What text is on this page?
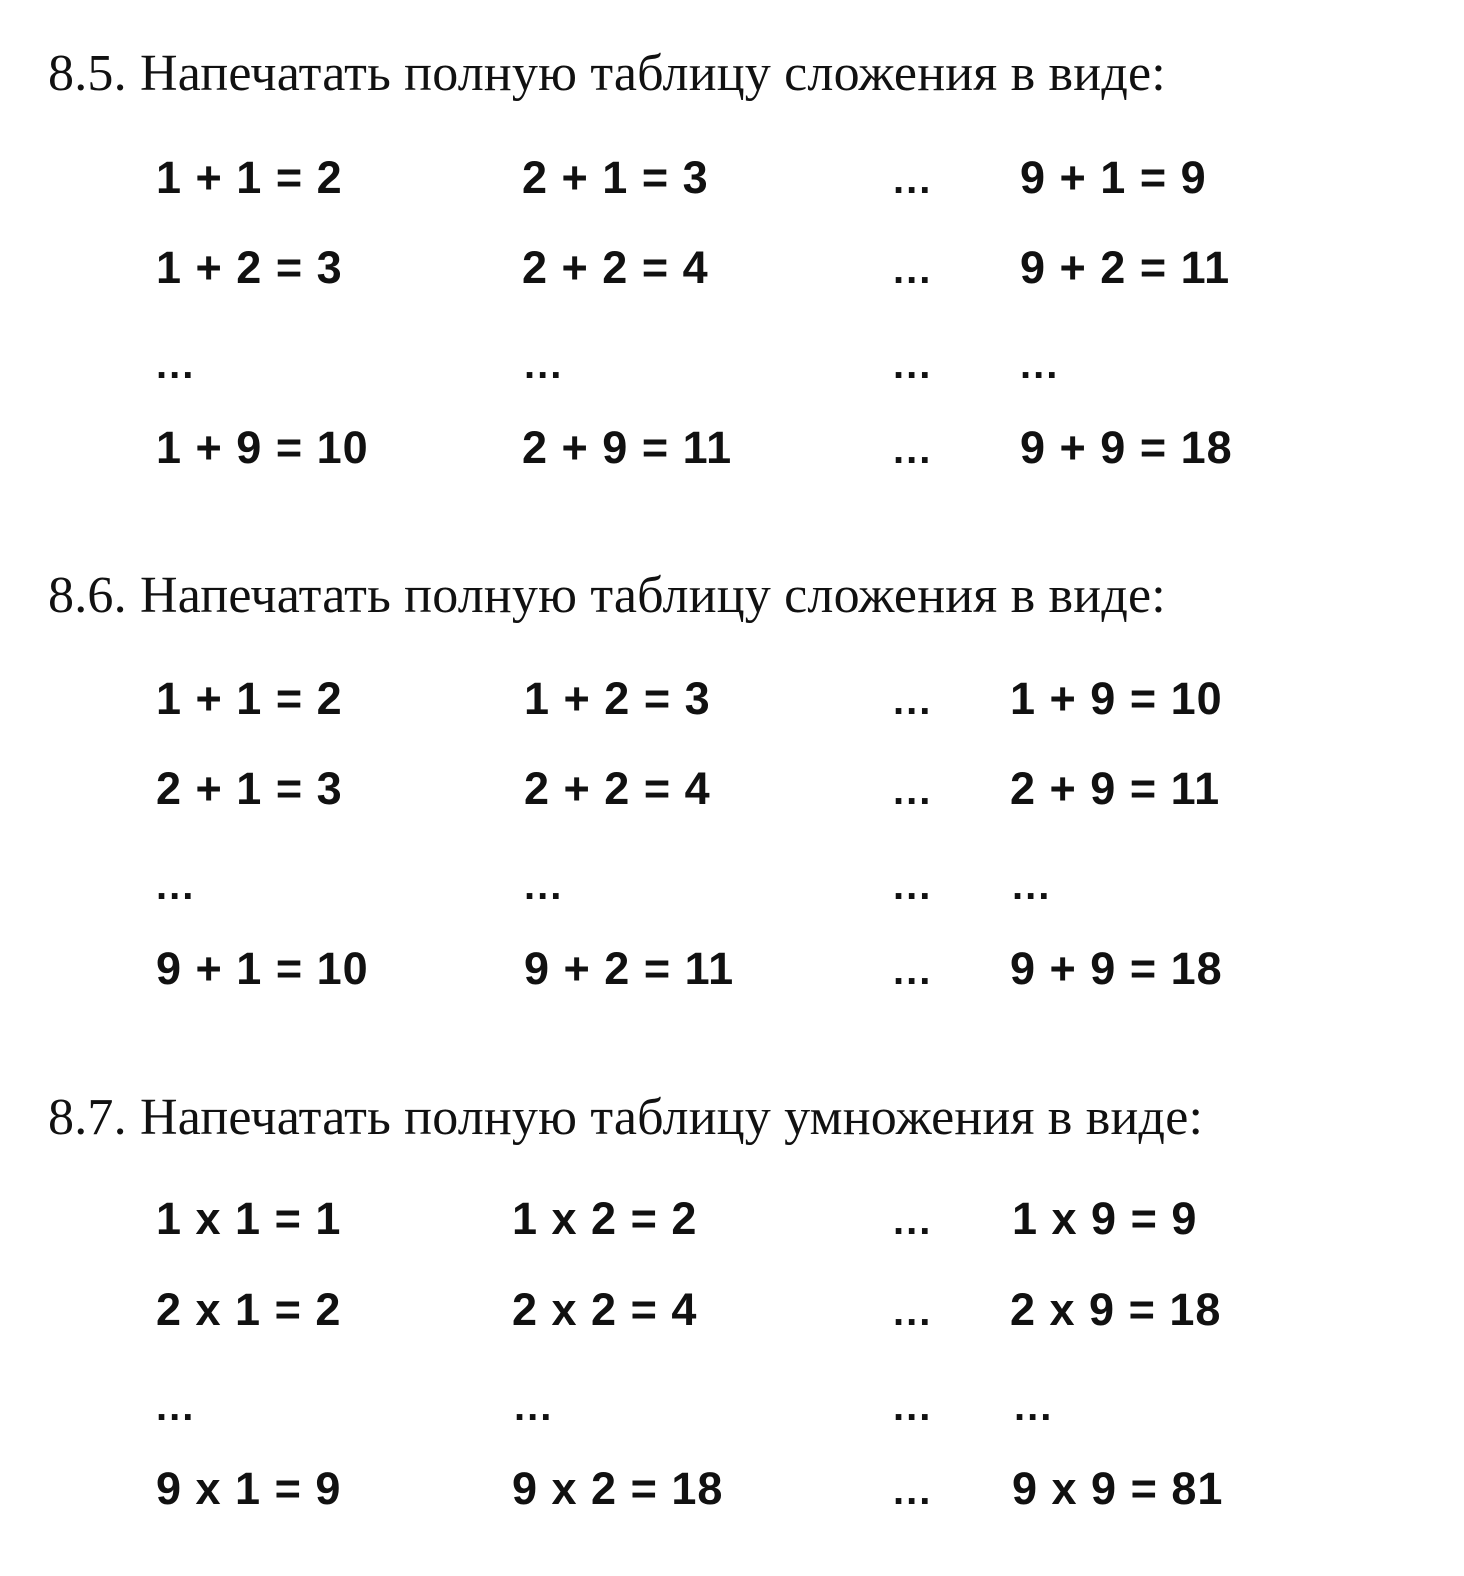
8.5. Напечатать полную таблицу сложения в виде:
1 + 1 = 2	2 + 1 = 3	... 9 + 1 = 9
1 + 2 = 3	2 + 2 = 4	... 9 + 2 = 11
...	...	... ...
1 + 9 = 10	2 + 9 = 11	... 9 + 9 = 18
8.6. Напечатать полную таблицу сложения в виде:
1 + 1 = 2	1 + 2 = 3	... 1 + 9 = 10
2 + 1 = 3	2 + 2 = 4	... 2 + 9 = 11
...	...	... ...
9 + 1 = 10	9 + 2 = 11	... 9 + 9 = 18
8.7. Напечатать полную таблицу умножения в виде:
1 x 1 = 1	1 x 2 = 2	... 1 x 9 = 9
2 x 1 = 2	2 x 2 = 4	... 2 x 9 = 18
...	...	... ...
9 x 1 = 9	9 x 2 = 18	... 9 x 9 = 81
